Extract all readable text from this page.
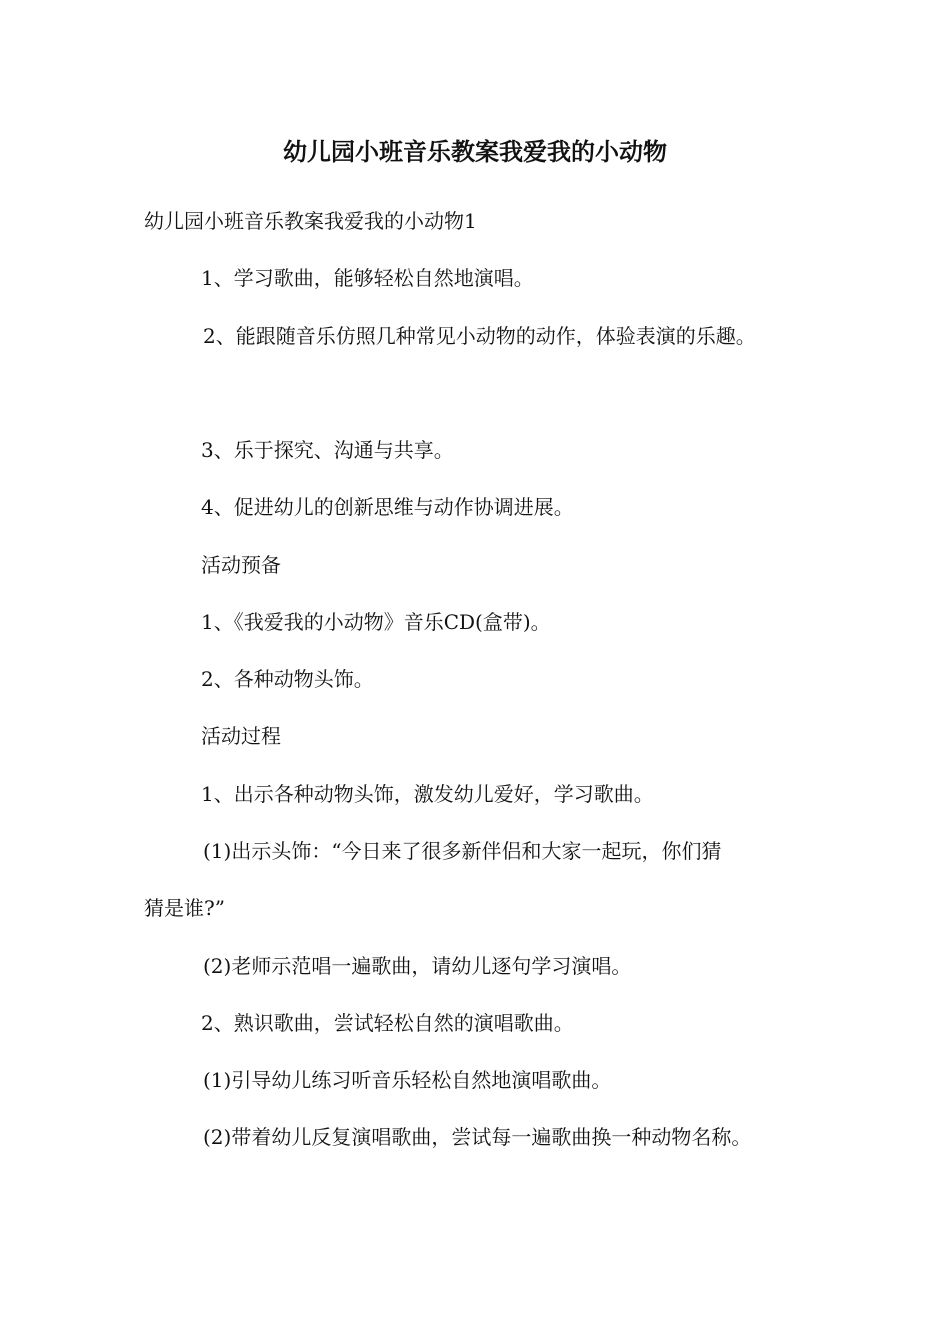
幼儿园小班音乐教案我爱我的小动物
幼儿园小班音乐教案我爱我的小动物1
1、学习歌曲，能够轻松自然地演唱。
2、能跟随音乐仿照几种常见小动物的动作，体验表演的乐趣。
3、乐于探究、沟通与共享。
4、促进幼儿的创新思维与动作协调进展。
活动预备
1、《我爱我的小动物》音乐CD(盒带)。
2、各种动物头饰。
活动过程
1、出示各种动物头饰，激发幼儿爱好，学习歌曲。
(1)出示头饰：“今日来了很多新伴侣和大家一起玩，你们猜
猜是谁?”
(2)老师示范唱一遍歌曲，请幼儿逐句学习演唱。
2、熟识歌曲，尝试轻松自然的演唱歌曲。
(1)引导幼儿练习听音乐轻松自然地演唱歌曲。
(2)带着幼儿反复演唱歌曲，尝试每一遍歌曲换一种动物名称。
